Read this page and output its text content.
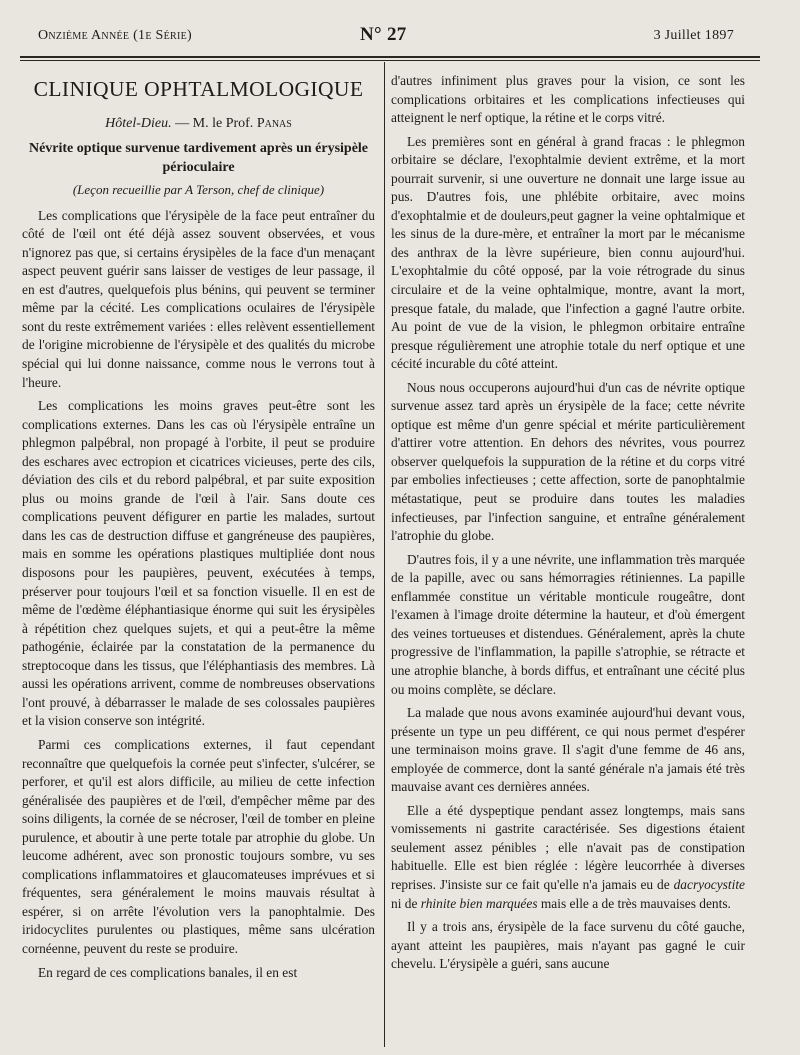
Onzième Année (1e Série)	N° 27	3 Juillet 1897
CLINIQUE OPHTALMOLOGIQUE
Hôtel-Dieu. — M. le Prof. Panas
Névrite optique survenue tardivement après un érysipèle périoculaire
(Leçon recueillie par A Terson, chef de clinique)

Les complications que l'érysipèle de la face peut entraîner du côté de l'œil ont été déjà assez souvent observées, et vous n'ignorez pas que, si certains érysipèles de la face d'un menaçant aspect peuvent guérir sans laisser de vestiges de leur passage, il en est d'autres, quelquefois plus bénins, qui peuvent se terminer même par la cécité. Les complications oculaires de l'érysipèle sont du reste extrêmement variées : elles relèvent essentiellement de l'origine microbienne de l'érysipèle et des qualités du microbe spécial qui lui donne naissance, comme nous le verrons tout à l'heure.

Les complications les moins graves peut-être sont les complications externes. Dans les cas où l'érysipèle entraîne un phlegmon palpébral, non propagé à l'orbite, il peut se produire des eschares avec ectropion et cicatrices vicieuses, perte des cils, déviation des cils et du rebord palpébral, et par suite exposition plus ou moins grande de l'œil à l'air. Sans doute ces complications peuvent défigurer en partie les malades, surtout dans les cas de destruction diffuse et gangréneuse des paupières, mais en somme les opérations plastiques multipliée dont nous disposons pour les paupières, peuvent, exécutées à temps, préserver pour toujours l'œil et sa fonction visuelle. Il en est de même de l'œdème éléphantiasique énorme qui suit les érysipèles à répétition chez quelques sujets, et qui a peut-être la même pathogénie, éclairée par la constatation de la permanence du streptocoque dans les tissus, que l'éléphantiasis des membres. Là aussi les opérations arrivent, comme de nombreuses observations l'ont prouvé, à débarrasser le malade de ses colossales paupières et la vision conserve son intégrité.

Parmi ces complications externes, il faut cependant reconnaître que quelquefois la cornée peut s'infecter, s'ulcérer, se perforer, et qu'il est alors difficile, au milieu de cette infection généralisée des paupières et de l'œil, d'empêcher même par des soins diligents, la cornée de se nécroser, l'œil de tomber en pleine purulence, et aboutir à une perte totale par atrophie du globe. Un leucome adhérent, avec son pronostic toujours sombre, vu ses complications inflammatoires et glaucomateuses imprévues et si fréquentes, sera généralement le moins mauvais résultat à espérer, si on arrête l'évolution vers la panophtalmie. Des iridocyclites purulentes ou plastiques, même sans ulcération cornéenne, peuvent du reste se produire.

En regard de ces complications banales, il en est

d'autres infiniment plus graves pour la vision, ce sont les complications orbitaires et les complications infectieuses qui atteignent le nerf optique, la rétine et le corps vitré.

Les premières sont en général à grand fracas : le phlegmon orbitaire se déclare, l'exophtalmie devient extrême, et la mort pourrait survenir, si une ouverture ne donnait une large issue au pus. D'autres fois, une phlébite orbitaire, avec moins d'exophtalmie et de douleurs,peut gagner la veine ophtalmique et les sinus de la dure-mère, et entraîner la mort par le mécanisme des anthrax de la lèvre supérieure, bien connu aujourd'hui. L'exophtalmie du côté opposé, par la voie rétrograde du sinus circulaire et de la veine ophtalmique, montre, avant la mort, presque fatale, du malade, que l'infection a gagné l'autre orbite. Au point de vue de la vision, le phlegmon orbitaire entraîne presque régulièrement une atrophie totale du nerf optique et une cécité incurable du côté atteint.

Nous nous occuperons aujourd'hui d'un cas de névrite optique survenue assez tard après un érysipèle de la face; cette névrite optique est même d'un genre spécial et mérite particulièrement d'attirer votre attention. En dehors des névrites, vous pourrez observer quelquefois la suppuration de la rétine et du corps vitré par embolies infectieuses ; cette affection, sorte de panophtalmie métastatique, peut se produire dans toutes les maladies infectieuses, par l'infection sanguine, et entraîne généralement l'atrophie du globe.

D'autres fois, il y a une névrite, une inflammation très marquée de la papille, avec ou sans hémorragies rétiniennes. La papille enflammée constitue un véritable monticule rougeâtre, dont l'examen à l'image droite détermine la hauteur, et d'où émergent des veines tortueuses et distendues. Généralement, après la chute progressive de l'inflammation, la papille s'atrophie, se rétracte et une atrophie blanche, à bords diffus, et entraînant une cécité plus ou moins complète, se déclare.

La malade que nous avons examinée aujourd'hui devant vous, présente un type un peu différent, ce qui nous permet d'espérer une terminaison moins grave. Il s'agit d'une femme de 46 ans, employée de commerce, dont la santé générale n'a jamais été très mauvaise avant ces dernières années.

Elle a été dyspeptique pendant assez longtemps, mais sans vomissements ni gastrite caractérisée. Ses digestions étaient seulement assez pénibles ; elle n'avait pas de constipation habituelle. Elle est bien réglée : légère leucorrhée à diverses reprises. J'insiste sur ce fait qu'elle n'a jamais eu de dacryocystite ni de rhinite bien marquées mais elle a de très mauvaises dents.

Il y a trois ans, érysipèle de la face survenu du côté gauche, ayant atteint les paupières, mais n'ayant pas gagné le cuir chevelu. L'érysipèle a guéri, sans aucune
